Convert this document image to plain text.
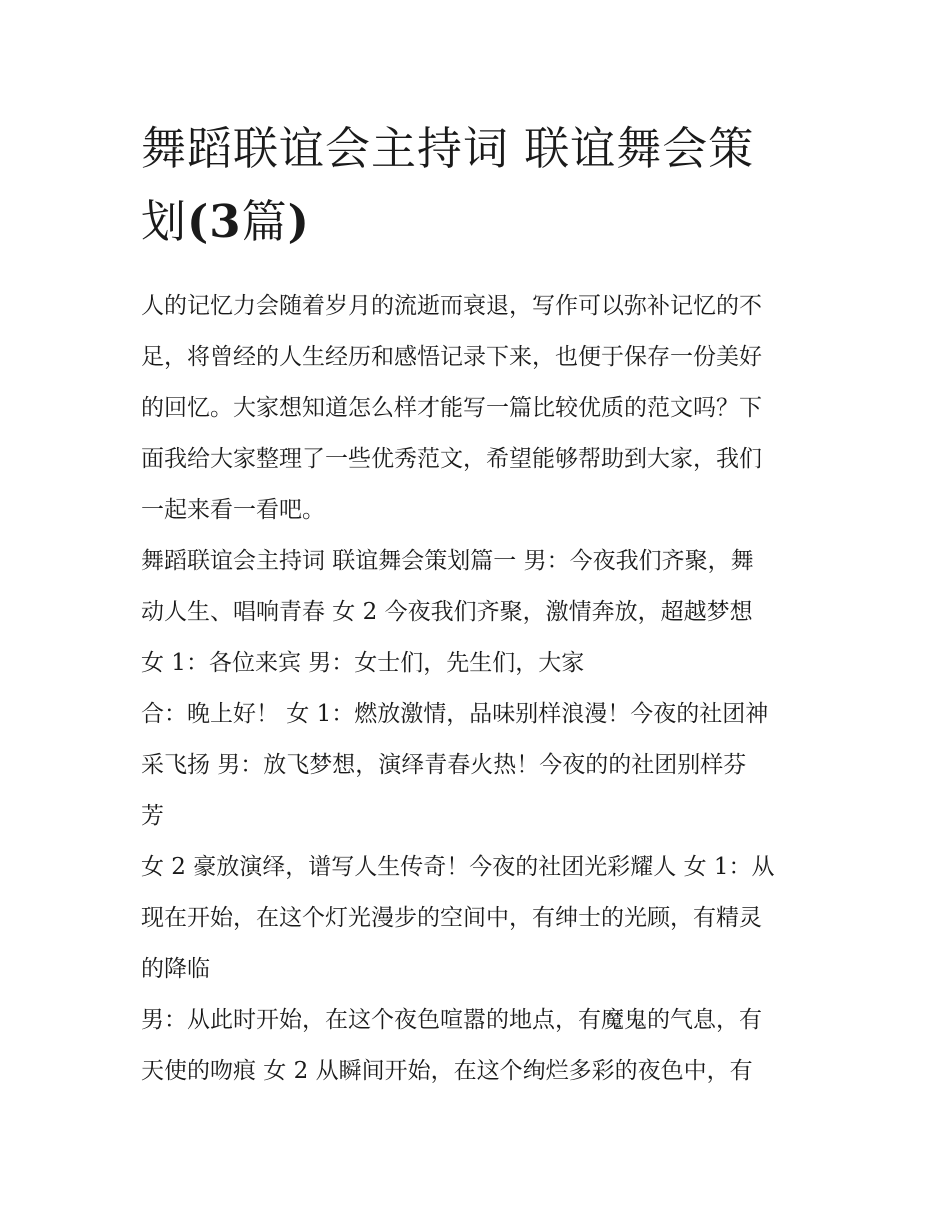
舞蹈联谊会主持词 联谊舞会策
划(3篇)
人的记忆力会随着岁月的流逝而衰退，写作可以弥补记忆的不
足，将曾经的人生经历和感悟记录下来，也便于保存一份美好
的回忆。大家想知道怎么样才能写一篇比较优质的范文吗？下
面我给大家整理了一些优秀范文，希望能够帮助到大家，我们
一起来看一看吧。
舞蹈联谊会主持词 联谊舞会策划篇一 男：今夜我们齐聚，舞
动人生、唱响青春 女 2 今夜我们齐聚，激情奔放，超越梦想
女 1：各位来宾 男：女士们，先生们，大家
合：晚上好！ 女 1：燃放激情，品味别样浪漫！今夜的社团神
采飞扬 男：放飞梦想，演绎青春火热！今夜的的社团别样芬
芳
女 2 豪放演绎，谱写人生传奇！今夜的社团光彩耀人 女 1：从
现在开始，在这个灯光漫步的空间中，有绅士的光顾，有精灵
的降临
男：从此时开始，在这个夜色喧嚣的地点，有魔鬼的气息，有
天使的吻痕 女 2 从瞬间开始，在这个绚烂多彩的夜色中，有
